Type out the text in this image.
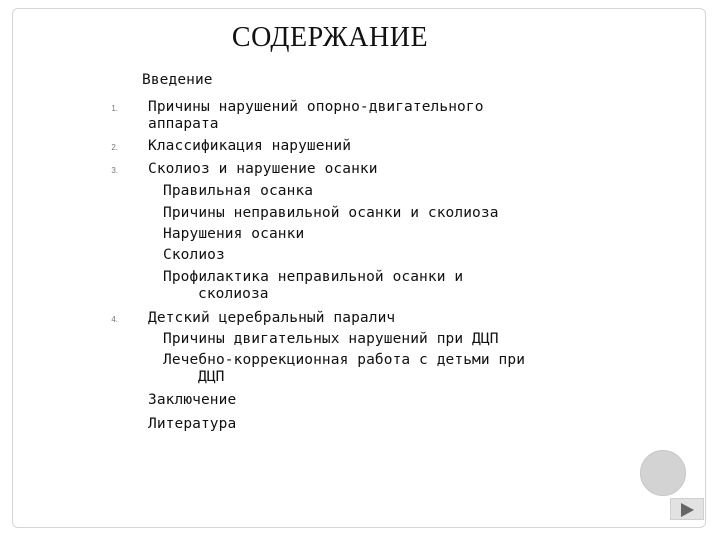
СОДЕРЖАНИЕ
Введение
1. Причины нарушений опорно-двигательного
аппарата
2. Классификация нарушений
3. Сколиоз и нарушение осанки
Правильная осанка
Причины неправильной осанки и сколиоза
Нарушения осанки
Сколиоз
Профилактика неправильной осанки и
сколиоза
4. Детский церебральный паралич
Причины двигательных нарушений при ДЦП
Лечебно-коррекционная работа с детьми при
ДЦП
Заключение
Литература
